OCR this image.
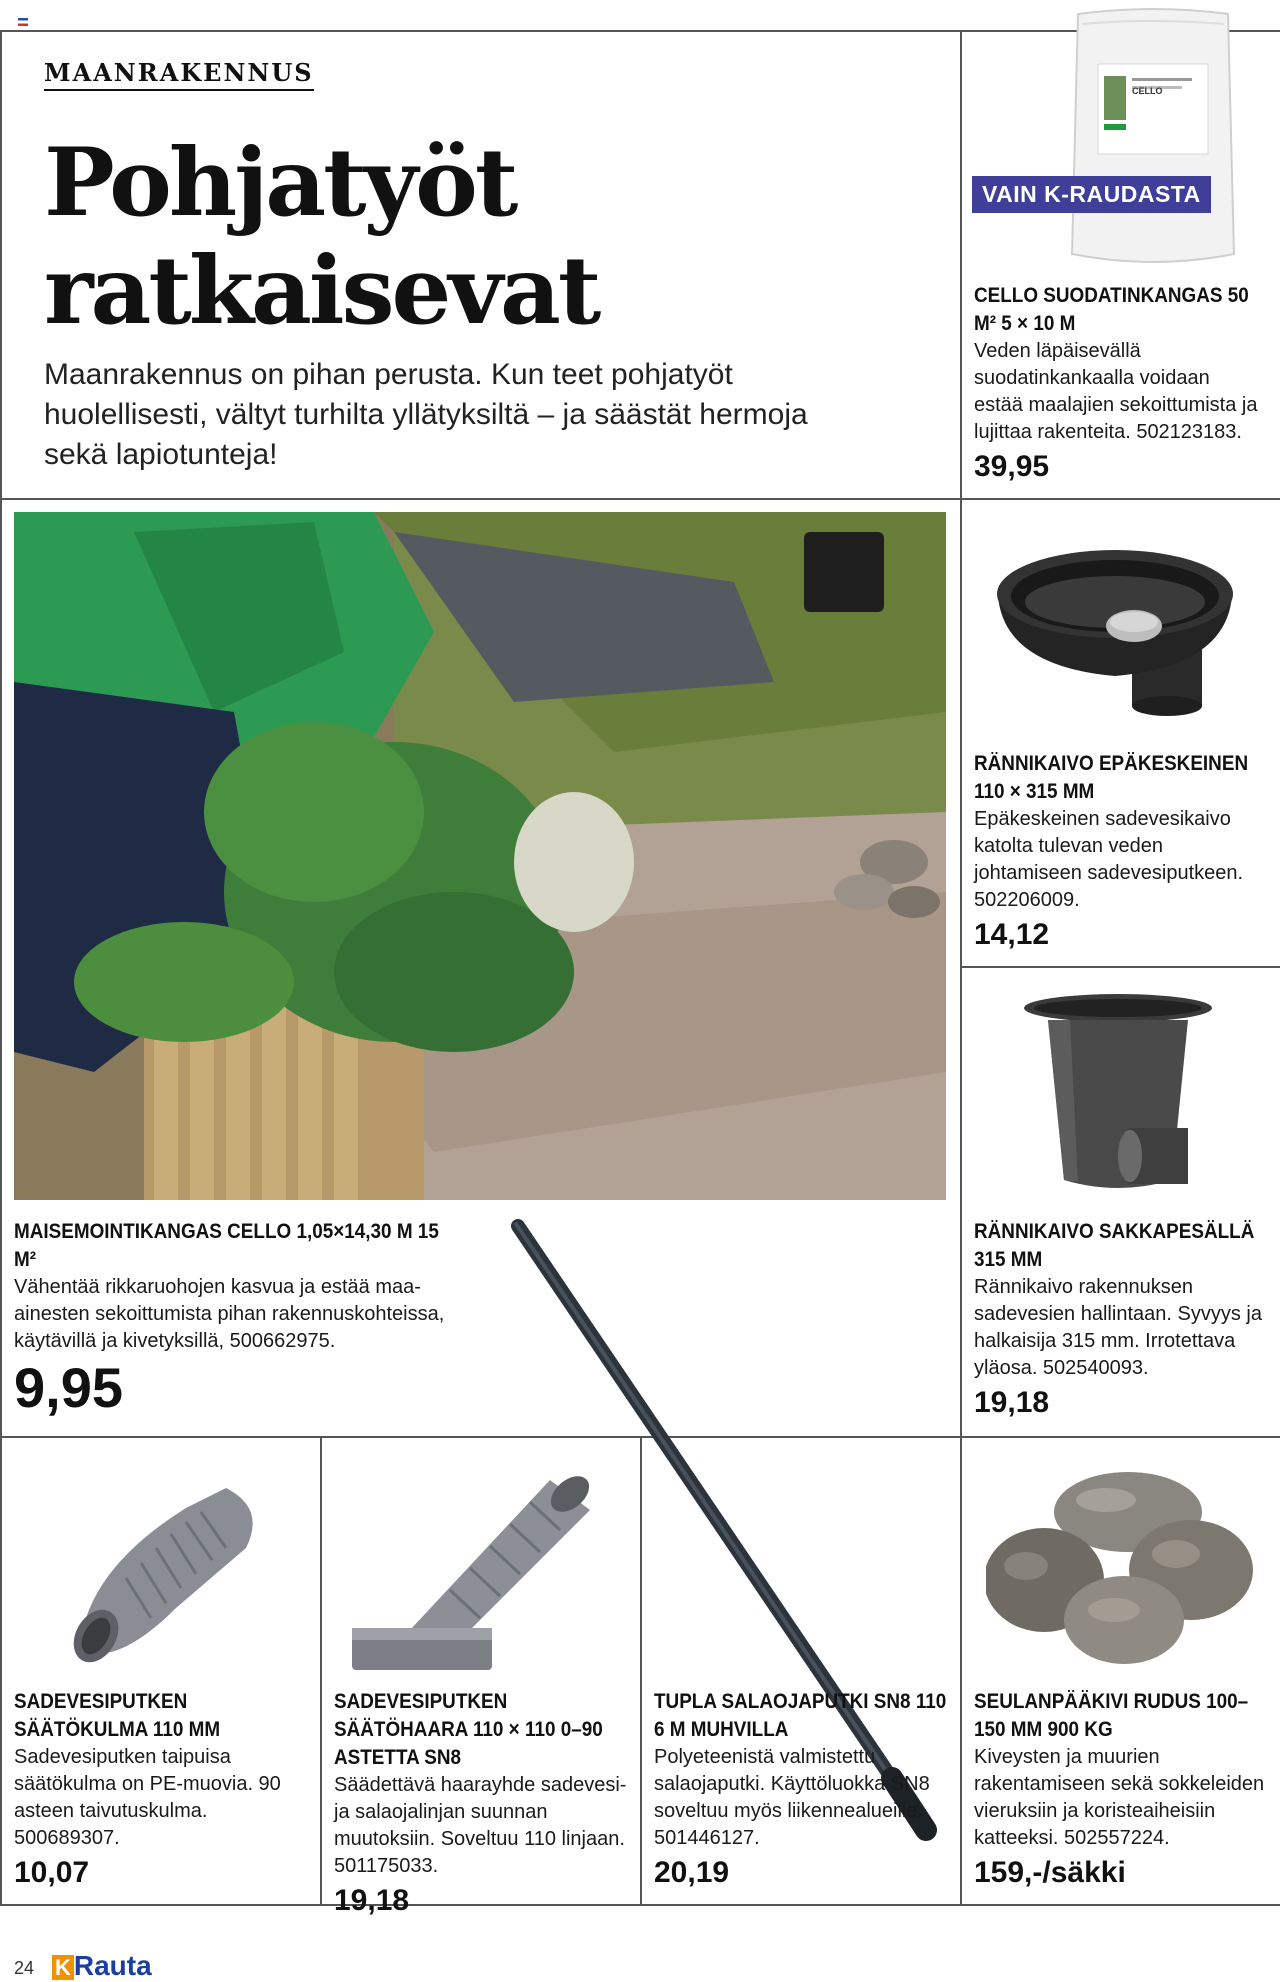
MAANRAKENNUS
Pohjatyöt
ratkaisevat
Maanrakennus on pihan perusta. Kun teet pohjatyöt huolellisesti, vältyt turhilta yllätyksiltä – ja säästät hermoja sekä lapiotunteja!
CELLO
VAIN K-RAUDASTA
CELLO SUODATINKANGAS 50 M² 5 × 10 M
Veden läpäisevällä suodatinkankaalla voidaan estää maalajien sekoittumista ja lujittaa rakenteita. 502123183.
39,95
RÄNNIKAIVO EPÄKESKEINEN 110 × 315 MM
Epäkeskeinen sadevesikaivo katolta tulevan veden johtamiseen sadevesiputkeen. 502206009.
14,12
RÄNNIKAIVO SAKKAPESÄLLÄ 315 MM
Rännikaivo rakennuksen sadevesien hallintaan. Syvyys ja halkaisija 315 mm. Irrotettava yläosa. 502540093.
19,18
MAISEMOINTIKANGAS CELLO 1,05×14,30 M 15 M²
Vähentää rikkaruohojen kasvua ja estää maa-ainesten sekoittumista pihan rakennuskohteissa, käytävillä ja kivetyksillä, 500662975.
9,95
SADEVESIPUTKEN SÄÄTÖKULMA 110 MM
Sadevesiputken taipuisa säätökulma on PE-muovia. 90 asteen taivutuskulma. 500689307.
10,07
SADEVESIPUTKEN SÄÄTÖHAARA 110 × 110 0–90 ASTETTA SN8
Säädettävä haarayhde sadevesi- ja salaojalinjan suunnan muutoksiin. Soveltuu 110 linjaan. 501175033.
19,18
TUPLA SALAOJAPUTKI SN8 110 6 M MUHVILLA
Polyeteenistä valmistettu salaojaputki. Käyttöluokka SN8 soveltuu myös liikennealueille. 501446127.
20,19
SEULANPÄÄKIVI RUDUS 100–150 MM 900 KG
Kiveysten ja muurien rakentamiseen sekä sokkeleiden vieruksiin ja koristeaiheisiin katteeksi. 502557224.
159,-/säkki
24 K Rauta
